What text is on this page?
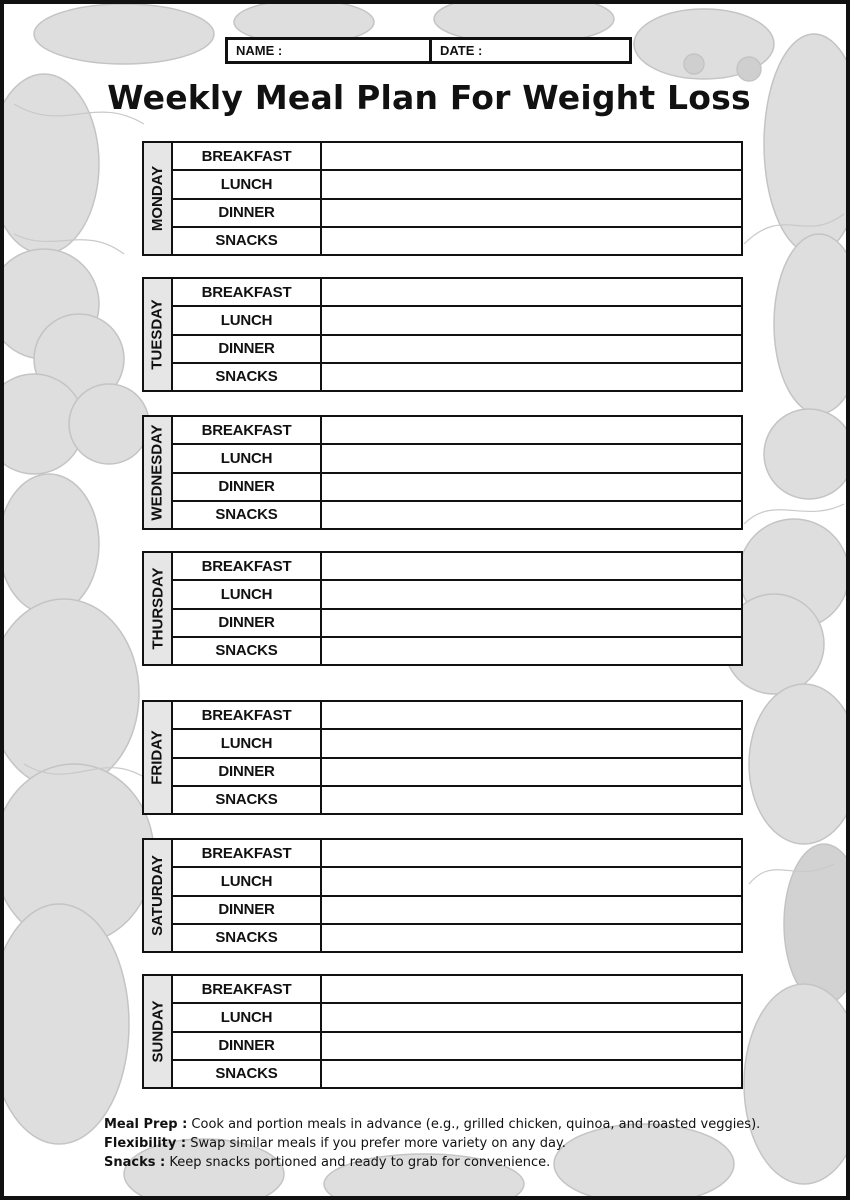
NAME :	DATE :
Weekly Meal Plan For Weight Loss
MONDAY
BREAKFAST
LUNCH
DINNER
SNACKS
TUESDAY
BREAKFAST
LUNCH
DINNER
SNACKS
WEDNESDAY	BREAKFAST
LUNCH
DINNER
SNACKS
THURSDAY
BREAKFAST
LUNCH
DINNER
SNACKS
FRIDAY
BREAKFAST
LUNCH
DINNER
SNACKS
SATURDAY
BREAKFAST
LUNCH
DINNER
SNACKS
SUNDAY
BREAKFAST
LUNCH
DINNER
SNACKS
Meal Prep : Cook and portion meals in advance (e.g., grilled chicken, quinoa, and roasted veggies).
Flexibility : Swap similar meals if you prefer more variety on any day.
Snacks : Keep snacks portioned and ready to grab for convenience.
